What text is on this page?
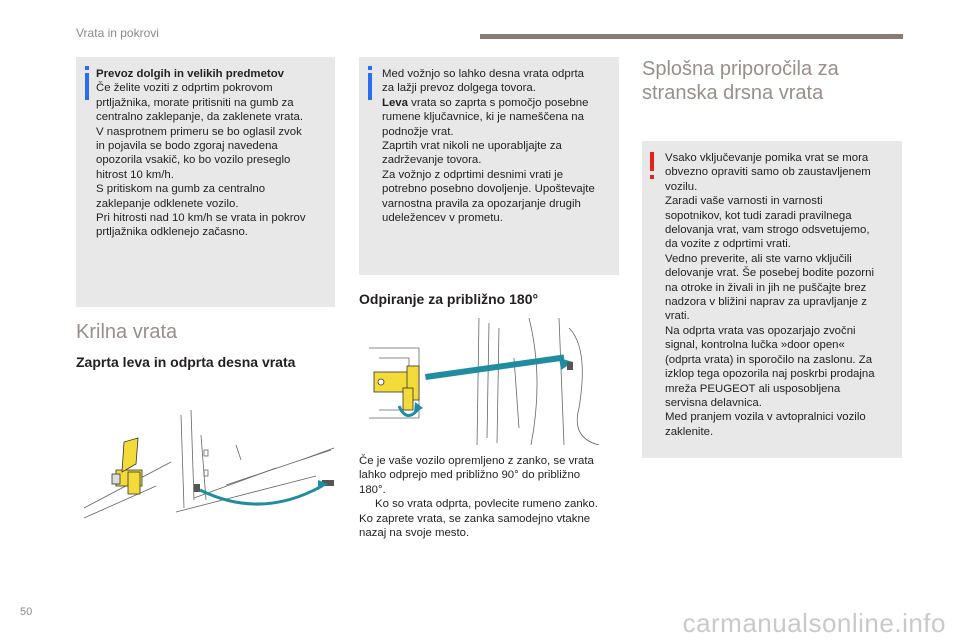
Vrata in pokrovi
Prevoz dolgih in velikih predmetov
Če želite voziti z odprtim pokrovom
prtljažnika, morate pritisniti na gumb za
centralno zaklepanje, da zaklenete vrata.
V nasprotnem primeru se bo oglasil zvok
in pojavila se bodo zgoraj navedena
opozorila vsakič, ko bo vozilo preseglo
hitrost 10 km/h.
S pritiskom na gumb za centralno
zaklepanje odklenete vozilo.
Pri hitrosti nad 10 km/h se vrata in pokrov
prtljažnika odklenejo začasno.
Med vožnjo so lahko desna vrata odprta
za lažji prevoz dolgega tovora.
Leva vrata so zaprta s pomočjo posebne
rumene ključavnice, ki je nameščena na
podnožje vrat.
Zaprtih vrat nikoli ne uporabljajte za
zadrževanje tovora.
Za vožnjo z odprtimi desnimi vrati je
potrebno posebno dovoljenje. Upoštevajte
varnostna pravila za opozarjanje drugih
udeležencev v prometu.
Krilna vrata
Zaprta leva in odprta desna vrata
Odpiranje za približno 180°
Če je vaše vozilo opremljeno z zanko, se vrata
lahko odprejo med približno 90° do približno
180°.
Ko so vrata odprta, povlecite rumeno zanko.
Ko zaprete vrata, se zanka samodejno vtakne
nazaj na svoje mesto.
Splošna priporočila za
stranska drsna vrata
Vsako vključevanje pomika vrat se mora
obvezno opraviti samo ob zaustavljenem
vozilu.
Zaradi vaše varnosti in varnosti
sopotnikov, kot tudi zaradi pravilnega
delovanja vrat, vam strogo odsvetujemo,
da vozite z odprtimi vrati.
Vedno preverite, ali ste varno vključili
delovanje vrat. Še posebej bodite pozorni
na otroke in živali in jih ne puščajte brez
nadzora v bližini naprav za upravljanje z
vrati.
Na odprta vrata vas opozarjajo zvočni
signal, kontrolna lučka »door open«
(odprta vrata) in sporočilo na zaslonu. Za
izklop tega opozorila naj poskrbi prodajna
mreža PEUGEOT ali usposobljena
servisna delavnica.
Med pranjem vozila v avtopralnici vozilo
zaklenite.
50	carmanualsonline.info
